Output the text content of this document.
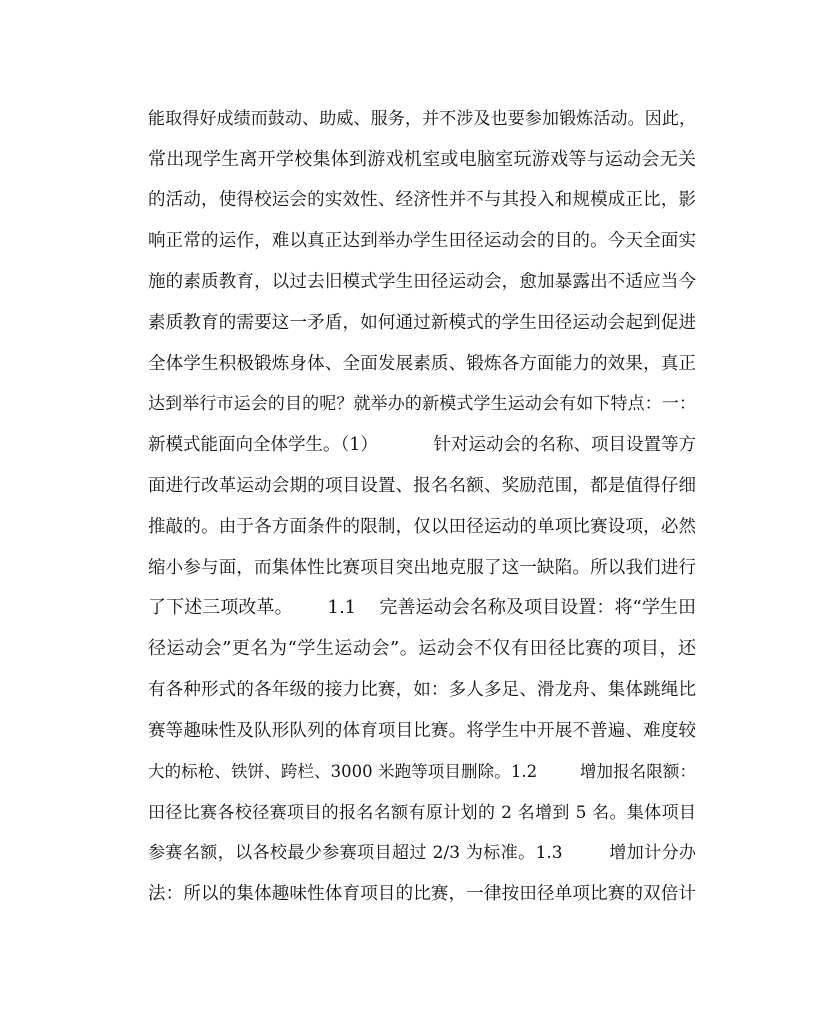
能取得好成绩而鼓动、助威、服务，并不涉及也要参加锻炼活动。因此，
常出现学生离开学校集体到游戏机室或电脑室玩游戏等与运动会无关
的活动，使得校运会的实效性、经济性并不与其投入和规模成正比，影
响正常的运作，难以真正达到举办学生田径运动会的目的。今天全面实
施的素质教育，以过去旧模式学生田径运动会，愈加暴露出不适应当今
素质教育的需要这一矛盾，如何通过新模式的学生田径运动会起到促进
全体学生积极锻炼身体、全面发展素质、锻炼各方面能力的效果，真正
达到举行市运会的目的呢？就举办的新模式学生运动会有如下特点：一：
新模式能面向全体学生。（1）          针对运动会的名称、项目设置等方
面进行改革运动会期的项目设置、报名名额、奖励范围，都是值得仔细
推敲的。由于各方面条件的限制，仅以田径运动的单项比赛设项，必然
缩小参与面，而集体性比赛项目突出地克服了这一缺陷。所以我们进行
了下述三项改革。      1.1    完善运动会名称及项目设置：将“学生田
径运动会”更名为“学生运动会”。运动会不仅有田径比赛的项目，还
有各种形式的各年级的接力比赛，如：多人多足、滑龙舟、集体跳绳比
赛等趣味性及队形队列的体育项目比赛。将学生中开展不普遍、难度较
大的标枪、铁饼、跨栏、3000 米跑等项目删除。1.2        增加报名限额：
田径比赛各校径赛项目的报名名额有原计划的 2 名增到 5 名。集体项目
参赛名额，以各校最少参赛项目超过 2/3 为标准。1.3        增加计分办
法：所以的集体趣味性体育项目的比赛，一律按田径单项比赛的双倍计
